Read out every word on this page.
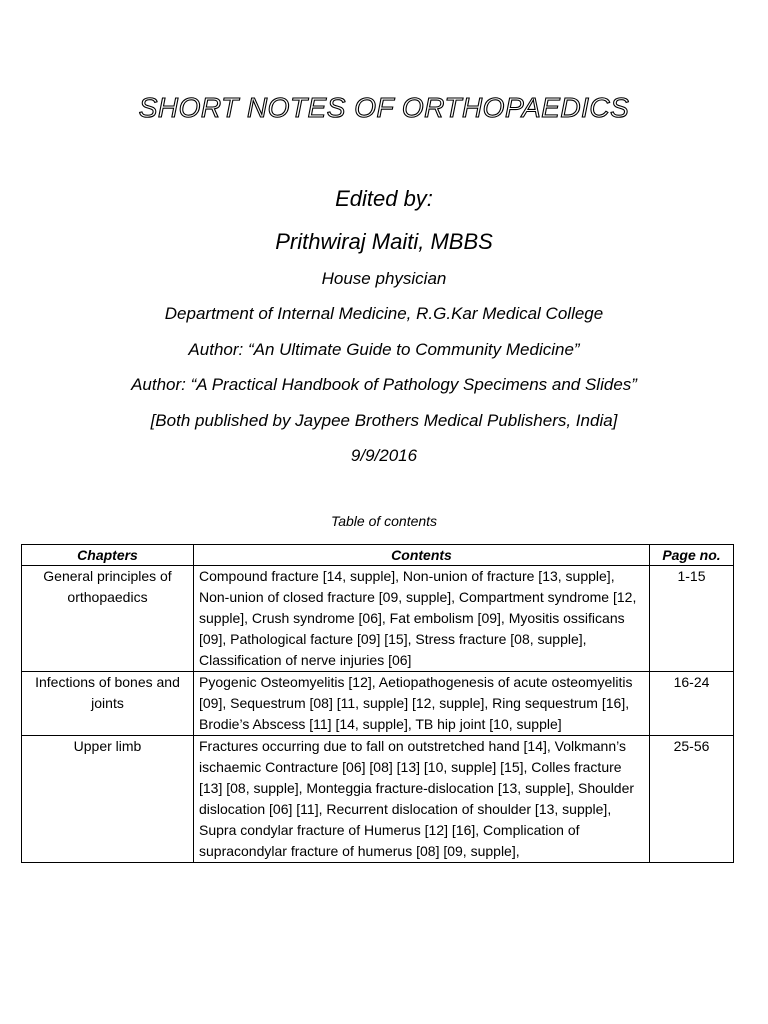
SHORT NOTES OF ORTHOPAEDICS

Edited by:

Prithwiraj Maiti, MBBS

House physician

Department of Internal Medicine, R.G.Kar Medical College

Author: “An Ultimate Guide to Community Medicine”

Author: “A Practical Handbook of Pathology Specimens and Slides”

[Both published by Jaypee Brothers Medical Publishers, India]

9/9/2016

Table of contents

Chapters	Contents	Page no.
General principles of orthopaedics	Compound fracture [14, supple], Non-union of fracture [13, supple], Non-union of closed fracture [09, supple], Compartment syndrome [12, supple], Crush syndrome [06], Fat embolism [09], Myositis ossificans [09], Pathological facture [09] [15], Stress fracture [08, supple], Classification of nerve injuries [06]	1-15
Infections of bones and joints	Pyogenic Osteomyelitis [12], Aetiopathogenesis of acute osteomyelitis [09], Sequestrum [08] [11, supple] [12, supple], Ring sequestrum [16], Brodie’s Abscess [11] [14, supple], TB hip joint [10, supple]	16-24
Upper limb	Fractures occurring due to fall on outstretched hand [14], Volkmann’s ischaemic Contracture [06] [08] [13] [10, supple] [15], Colles fracture [13] [08, supple], Monteggia fracture-dislocation [13, supple], Shoulder dislocation [06] [11], Recurrent dislocation of shoulder [13, supple], Supra condylar fracture of Humerus [12] [16], Complication of supracondylar fracture of humerus [08] [09, supple],	25-56
